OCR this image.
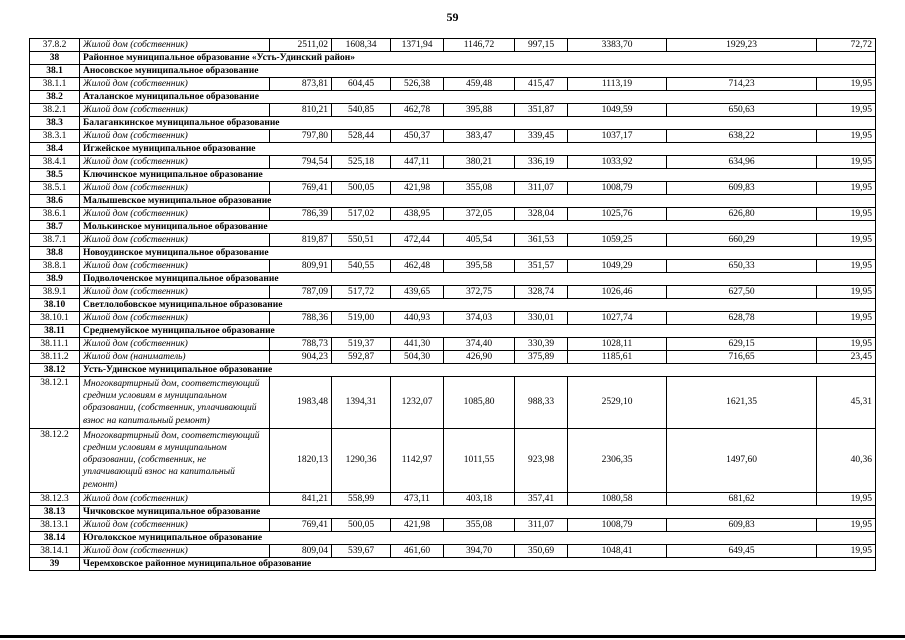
59
37.8.2	Жилой дом (собственник)	2511,02	1608,34	1371,94	1146,72	997,15	3383,70	1929,23	72,72
38	Районное муниципальное образование «Усть-Удинский район»								
38.1	Аносовское муниципальное образование								
38.1.1	Жилой дом (собственник)	873,81	604,45	526,38	459,48	415,47	1113,19	714,23	19,95
38.2	Аталанское муниципальное образование								
38.2.1	Жилой дом (собственник)	810,21	540,85	462,78	395,88	351,87	1049,59	650,63	19,95
38.3	Балаганкинское муниципальное образование								
38.3.1	Жилой дом (собственник)	797,80	528,44	450,37	383,47	339,45	1037,17	638,22	19,95
38.4	Игжейское муниципальное образование								
38.4.1	Жилой дом (собственник)	794,54	525,18	447,11	380,21	336,19	1033,92	634,96	19,95
38.5	Ключинское муниципальное образование								
38.5.1	Жилой дом (собственник)	769,41	500,05	421,98	355,08	311,07	1008,79	609,83	19,95
38.6	Малышевское муниципальное образование								
38.6.1	Жилой дом (собственник)	786,39	517,02	438,95	372,05	328,04	1025,76	626,80	19,95
38.7	Молькинское муниципальное образование								
38.7.1	Жилой дом (собственник)	819,87	550,51	472,44	405,54	361,53	1059,25	660,29	19,95
38.8	Новоудинское муниципальное образование								
38.8.1	Жилой дом (собственник)	809,91	540,55	462,48	395,58	351,57	1049,29	650,33	19,95
38.9	Подволоченское муниципальное образование								
38.9.1	Жилой дом (собственник)	787,09	517,72	439,65	372,75	328,74	1026,46	627,50	19,95
38.10	Светлолобовское муниципальное образование								
38.10.1	Жилой дом (собственник)	788,36	519,00	440,93	374,03	330,01	1027,74	628,78	19,95
38.11	Среднемуйское муниципальное образование								
38.11.1	Жилой дом (собственник)	788,73	519,37	441,30	374,40	330,39	1028,11	629,15	19,95
38.11.2	Жилой дом (наниматель)	904,23	592,87	504,30	426,90	375,89	1185,61	716,65	23,45
38.12	Усть-Удинское муниципальное образование								
38.12.1	Многоквартирный дом, соответствующий средним условиям в муниципальном образовании, (собственник, уплачивающий взнос на капитальный ремонт)	1983,48	1394,31	1232,07	1085,80	988,33	2529,10	1621,35	45,31
38.12.2	Многоквартирный дом, соответствующий средним условиям в муниципальном образовании, (собственник, не уплачивающий взнос на капитальный ремонт)	1820,13	1290,36	1142,97	1011,55	923,98	2306,35	1497,60	40,36
38.12.3	Жилой дом (собственник)	841,21	558,99	473,11	403,18	357,41	1080,58	681,62	19,95
38.13	Чичковское муниципальное образование								
38.13.1	Жилой дом (собственник)	769,41	500,05	421,98	355,08	311,07	1008,79	609,83	19,95
38.14	Юголокское муниципальное образование								
38.14.1	Жилой дом (собственник)	809,04	539,67	461,60	394,70	350,69	1048,41	649,45	19,95
39	Черемховское районное муниципальное образование								
